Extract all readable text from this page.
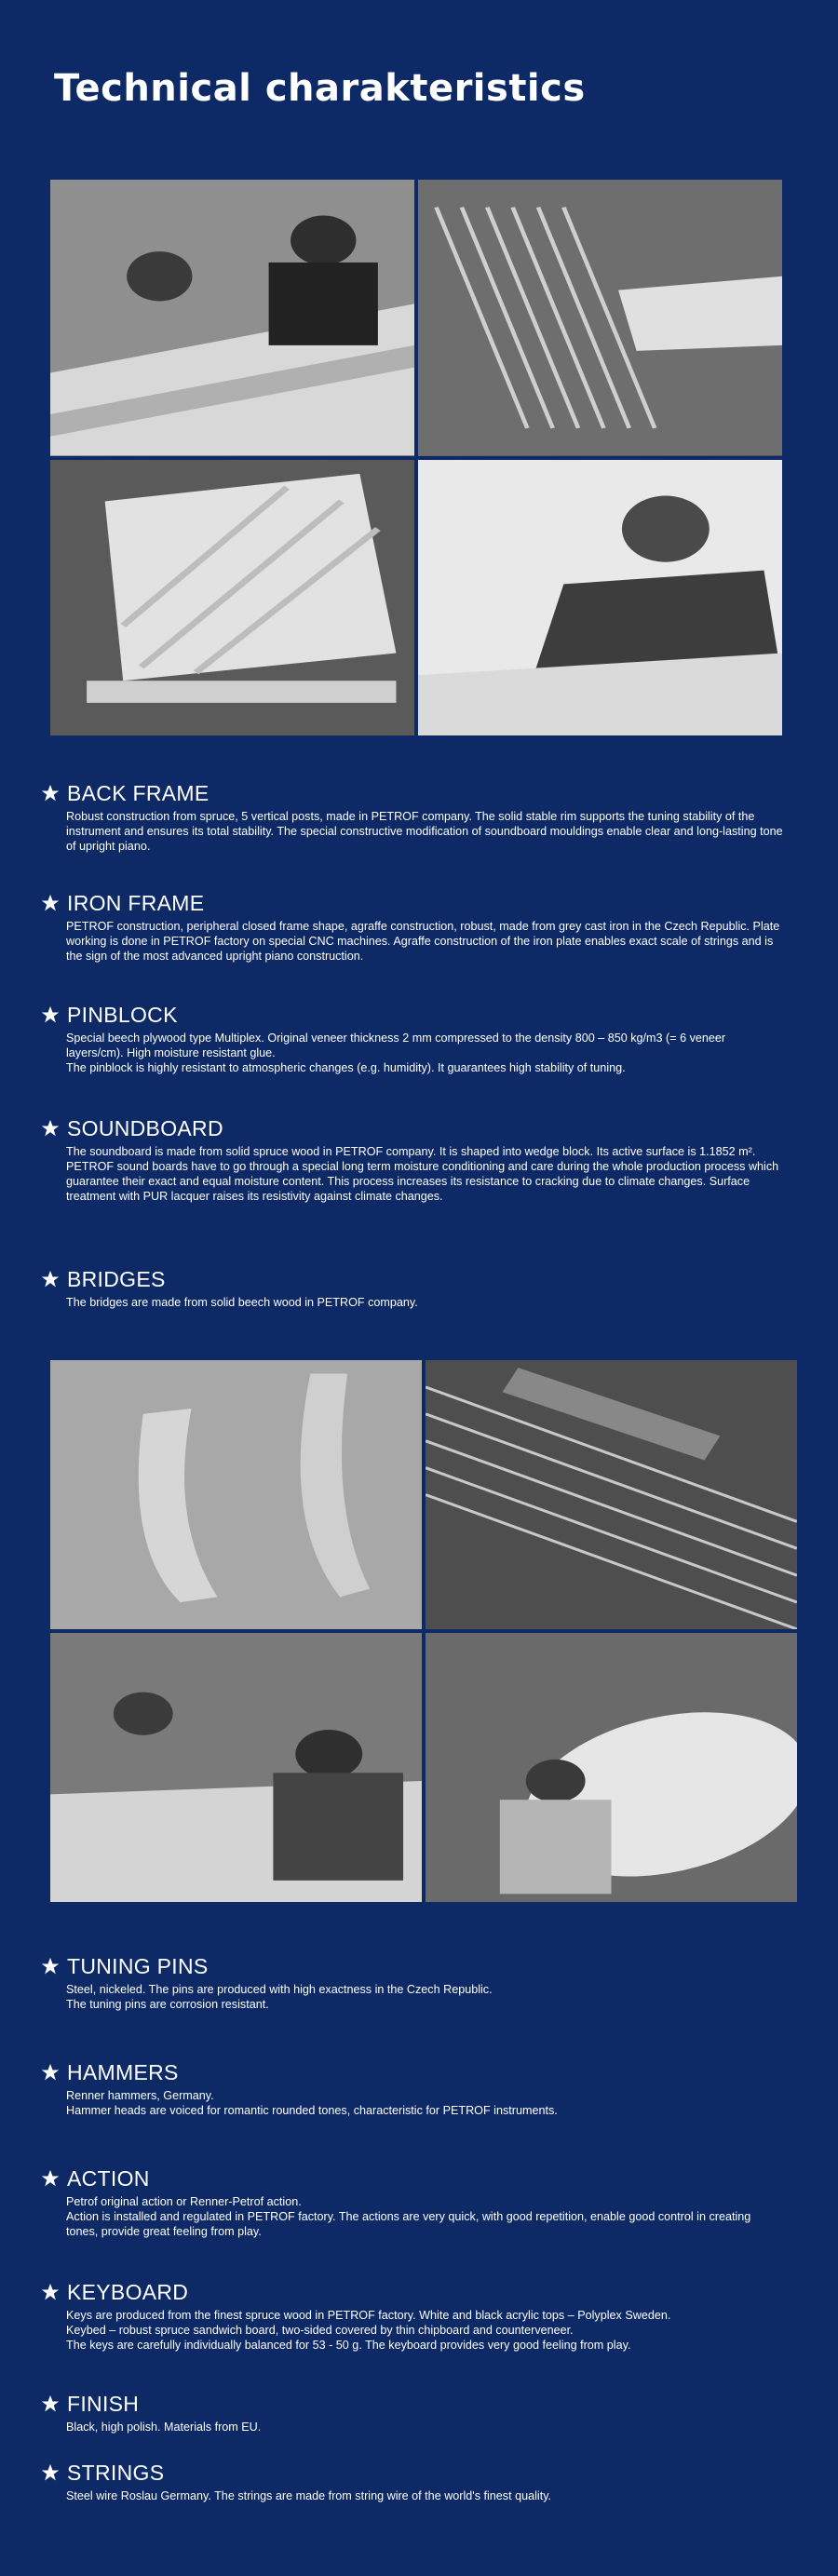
Technical charakteristics
BACK FRAME

Robust construction from spruce, 5 vertical posts, made in PETROF company. The solid stable rim supports the tuning stability of the instrument and ensures its total stability. The special constructive modification of soundboard mouldings enable clear and long-lasting tone of upright piano.

IRON FRAME

PETROF construction, peripheral closed frame shape, agraffe construction, robust, made from grey cast iron in the Czech Republic. Plate working is done in PETROF factory on special CNC machines. Agraffe construction of the iron plate enables exact scale of strings and is the sign of the most advanced upright piano construction.

PINBLOCK

Special beech plywood type Multiplex. Original veneer thickness 2 mm compressed to the density 800 – 850 kg/m3 (= 6 veneer layers/cm). High moisture resistant glue.

The pinblock is highly resistant to atmospheric changes (e.g. humidity). It guarantees high stability of tuning.

SOUNDBOARD

The soundboard is made from solid spruce wood in PETROF company. It is shaped into wedge block. Its active surface is 1.1852 m².

PETROF sound boards have to go through a special long term moisture conditioning and care during the whole production process which guarantee their exact and equal moisture content. This process increases its resistance to cracking due to climate changes. Surface treatment with PUR lacquer raises its resistivity against climate changes.

BRIDGES

The bridges are made from solid beech wood in PETROF company.

TUNING PINS

Steel, nickeled. The pins are produced with high exactness in the Czech Republic.

The tuning pins are corrosion resistant.

HAMMERS

Renner hammers, Germany.

Hammer heads are voiced for romantic rounded tones, characteristic for PETROF instruments.

ACTION

Petrof original action or Renner-Petrof action.

Action is installed and regulated in PETROF factory. The actions are very quick, with good repetition, enable good control in creating tones, provide great feeling from play.

KEYBOARD

Keys are produced from the finest spruce wood in PETROF factory. White and black acrylic tops – Polyplex Sweden.

Keybed – robust spruce sandwich board, two-sided covered by thin chipboard and counterveneer.

The keys are carefully individually balanced for 53 - 50 g. The keyboard provides very good feeling from play.

FINISH

Black, high polish. Materials from EU.

STRINGS

Steel wire Roslau Germany. The strings are made from string wire of the world's finest quality.
